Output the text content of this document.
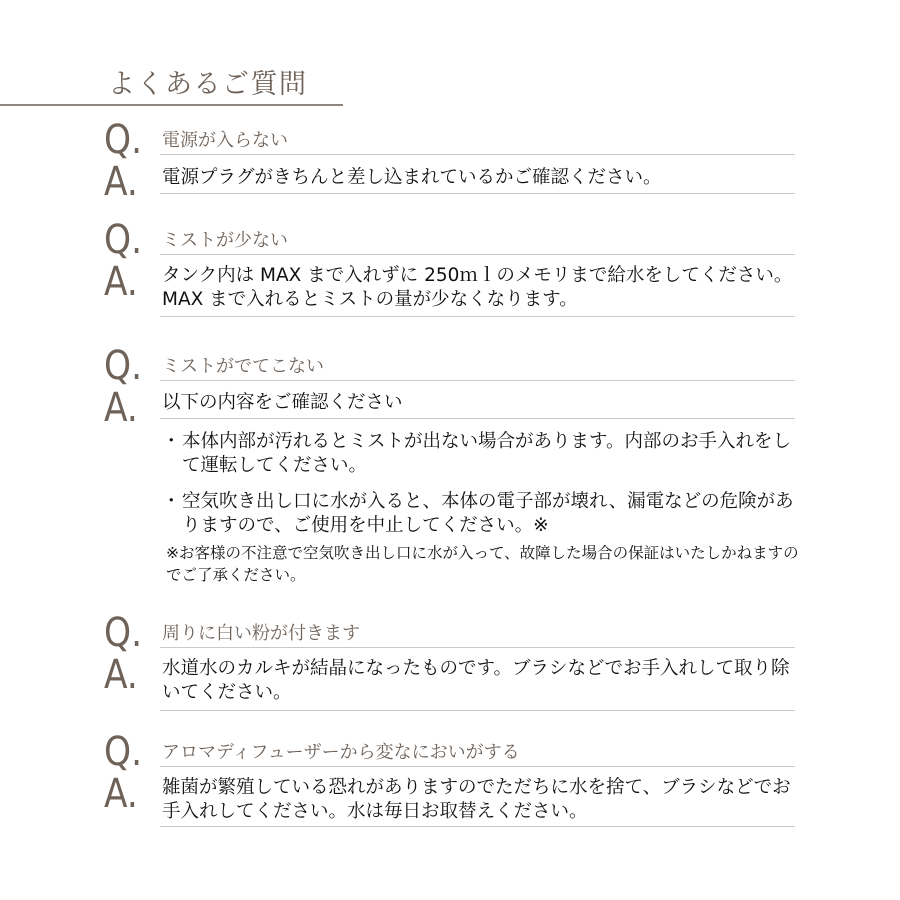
よくあるご質問
Q. 電源が入らない
A. 電源プラグがきちんと差し込まれているかご確認ください。
Q. ミストが少ない
A. タンク内は MAX まで入れずに 250ｍｌのメモリまで給水をしてください。MAX まで入れるとミストの量が少なくなります。
Q. ミストがでてこない
A. 以下の内容をご確認ください
・ 本体内部が汚れるとミストが出ない場合があります。内部のお手入れをして運転してください。
・ 空気吹き出し口に水が入ると、本体の電子部が壊れ、漏電などの危険がありますので、ご使用を中止してください。※
※お客様の不注意で空気吹き出し口に水が入って、故障した場合の保証はいたしかねますのでご了承ください。
Q. 周りに白い粉が付きます
A. 水道水のカルキが結晶になったものです。ブラシなどでお手入れして取り除いてください。
Q. アロマディフューザーから変なにおいがする
A. 雑菌が繁殖している恐れがありますのでただちに水を捨て、ブラシなどでお手入れしてください。水は毎日お取替えください。
